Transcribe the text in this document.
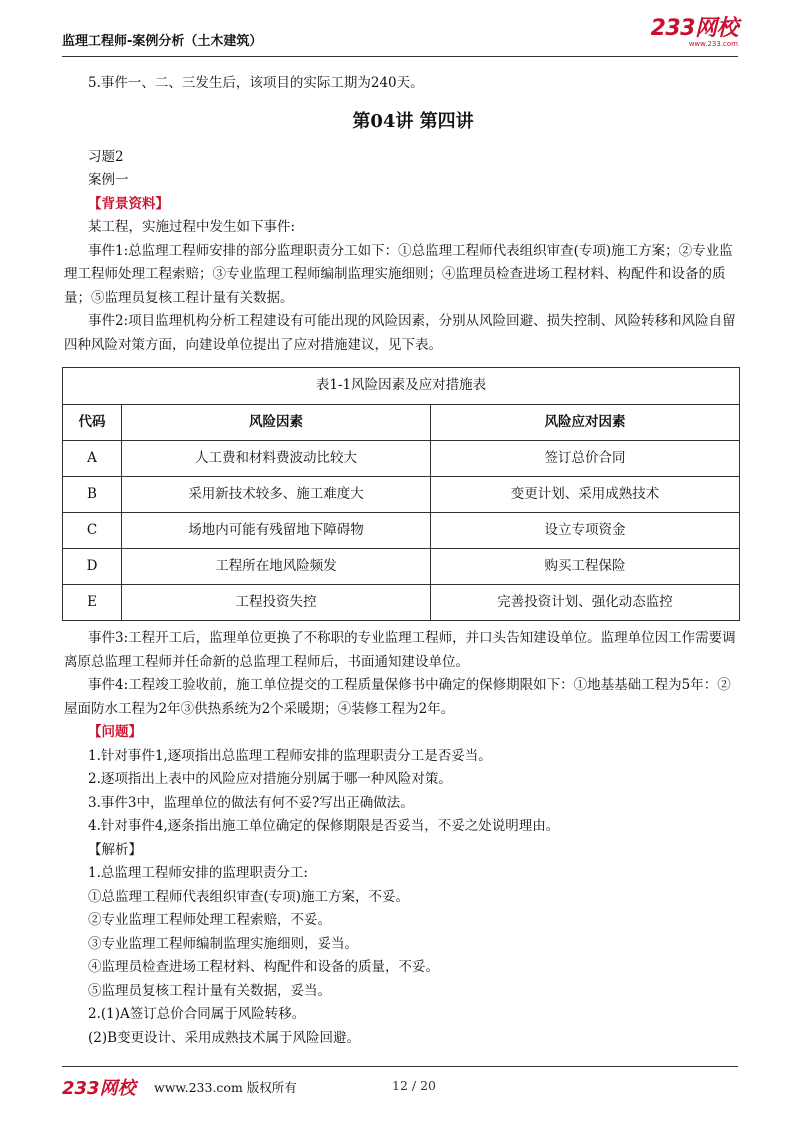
监理工程师-案例分析（土木建筑）
233网校
www.233.com

5.事件一、二、三发生后，该项目的实际工期为240天。

第04讲 第四讲

习题2

案例一

【背景资料】

某工程，实施过程中发生如下事件:

事件1:总监理工程师安排的部分监理职责分工如下：①总监理工程师代表组织审查(专项)施工方案；②专业监理工程师处理工程索赔；③专业监理工程师编制监理实施细则；④监理员检查进场工程材料、构配件和设备的质量；⑤监理员复核工程计量有关数据。

事件2:项目监理机构分析工程建设有可能出现的风险因素，分别从风险回避、损失控制、风险转移和风险自留四种风险对策方面，向建设单位提出了应对措施建议，见下表。

表1-1风险因素及应对措施表		
代码	风险因素	风险应对因素
A	人工费和材料费波动比较大	签订总价合同
B	采用新技术较多、施工难度大	变更计划、采用成熟技术
C	场地内可能有残留地下障碍物	设立专项资金
D	工程所在地风险频发	购买工程保险
E	工程投资失控	完善投资计划、强化动态监控

事件3:工程开工后，监理单位更换了不称职的专业监理工程师，并口头告知建设单位。监理单位因工作需要调离原总监理工程师并任命新的总监理工程师后，书面通知建设单位。

事件4:工程竣工验收前，施工单位提交的工程质量保修书中确定的保修期限如下：①地基基础工程为5年：②屋面防水工程为2年③供热系统为2个采暖期；④装修工程为2年。

【问题】

1.针对事件1,逐项指出总监理工程师安排的监理职责分工是否妥当。

2.逐项指出上表中的风险应对措施分别属于哪一种风险对策。

3.事件3中，监理单位的做法有何不妥?写出正确做法。

4.针对事件4,逐条指出施工单位确定的保修期限是否妥当，不妥之处说明理由。

【解析】

1.总监理工程师安排的监理职责分工:

①总监理工程师代表组织审查(专项)施工方案，不妥。

②专业监理工程师处理工程索赔，不妥。

③专业监理工程师编制监理实施细则，妥当。

④监理员检查进场工程材料、构配件和设备的质量，不妥。

⑤监理员复核工程计量有关数据，妥当。

2.(1)A签订总价合同属于风险转移。

(2)B变更设计、采用成熟技术属于风险回避。

233网校 www.233.com 版权所有	12 / 20
